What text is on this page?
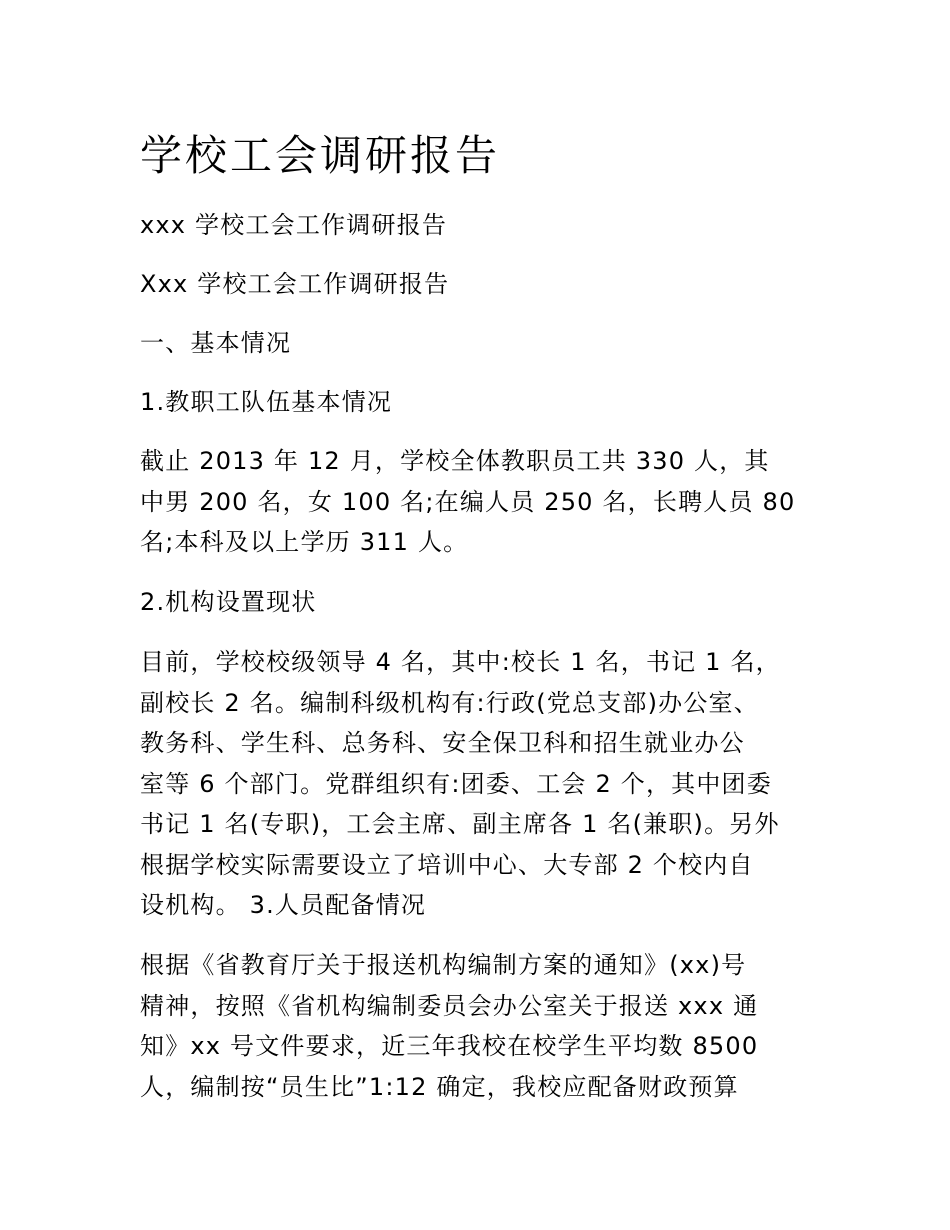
学校工会调研报告

xxx 学校工会工作调研报告

Xxx 学校工会工作调研报告

一、基本情况

1.教职工队伍基本情况

截止 2013 年 12 月，学校全体教职员工共 330 人，其
中男 200 名，女 100 名;在编人员 250 名，长聘人员 80
名;本科及以上学历 311 人。

2.机构设置现状

目前，学校校级领导 4 名，其中:校长 1 名，书记 1 名，
副校长 2 名。编制科级机构有:行政(党总支部)办公室、
教务科、学生科、总务科、安全保卫科和招生就业办公
室等 6 个部门。党群组织有:团委、工会 2 个，其中团委
书记 1 名(专职)，工会主席、副主席各 1 名(兼职)。另外
根据学校实际需要设立了培训中心、大专部 2 个校内自
设机构。 3.人员配备情况
根据《省教育厅关于报送机构编制方案的通知》(xx)号
精神，按照《省机构编制委员会办公室关于报送 xxx 通
知》xx 号文件要求，近三年我校在校学生平均数 8500
人，编制按“员生比”1:12 确定，我校应配备财政预算
